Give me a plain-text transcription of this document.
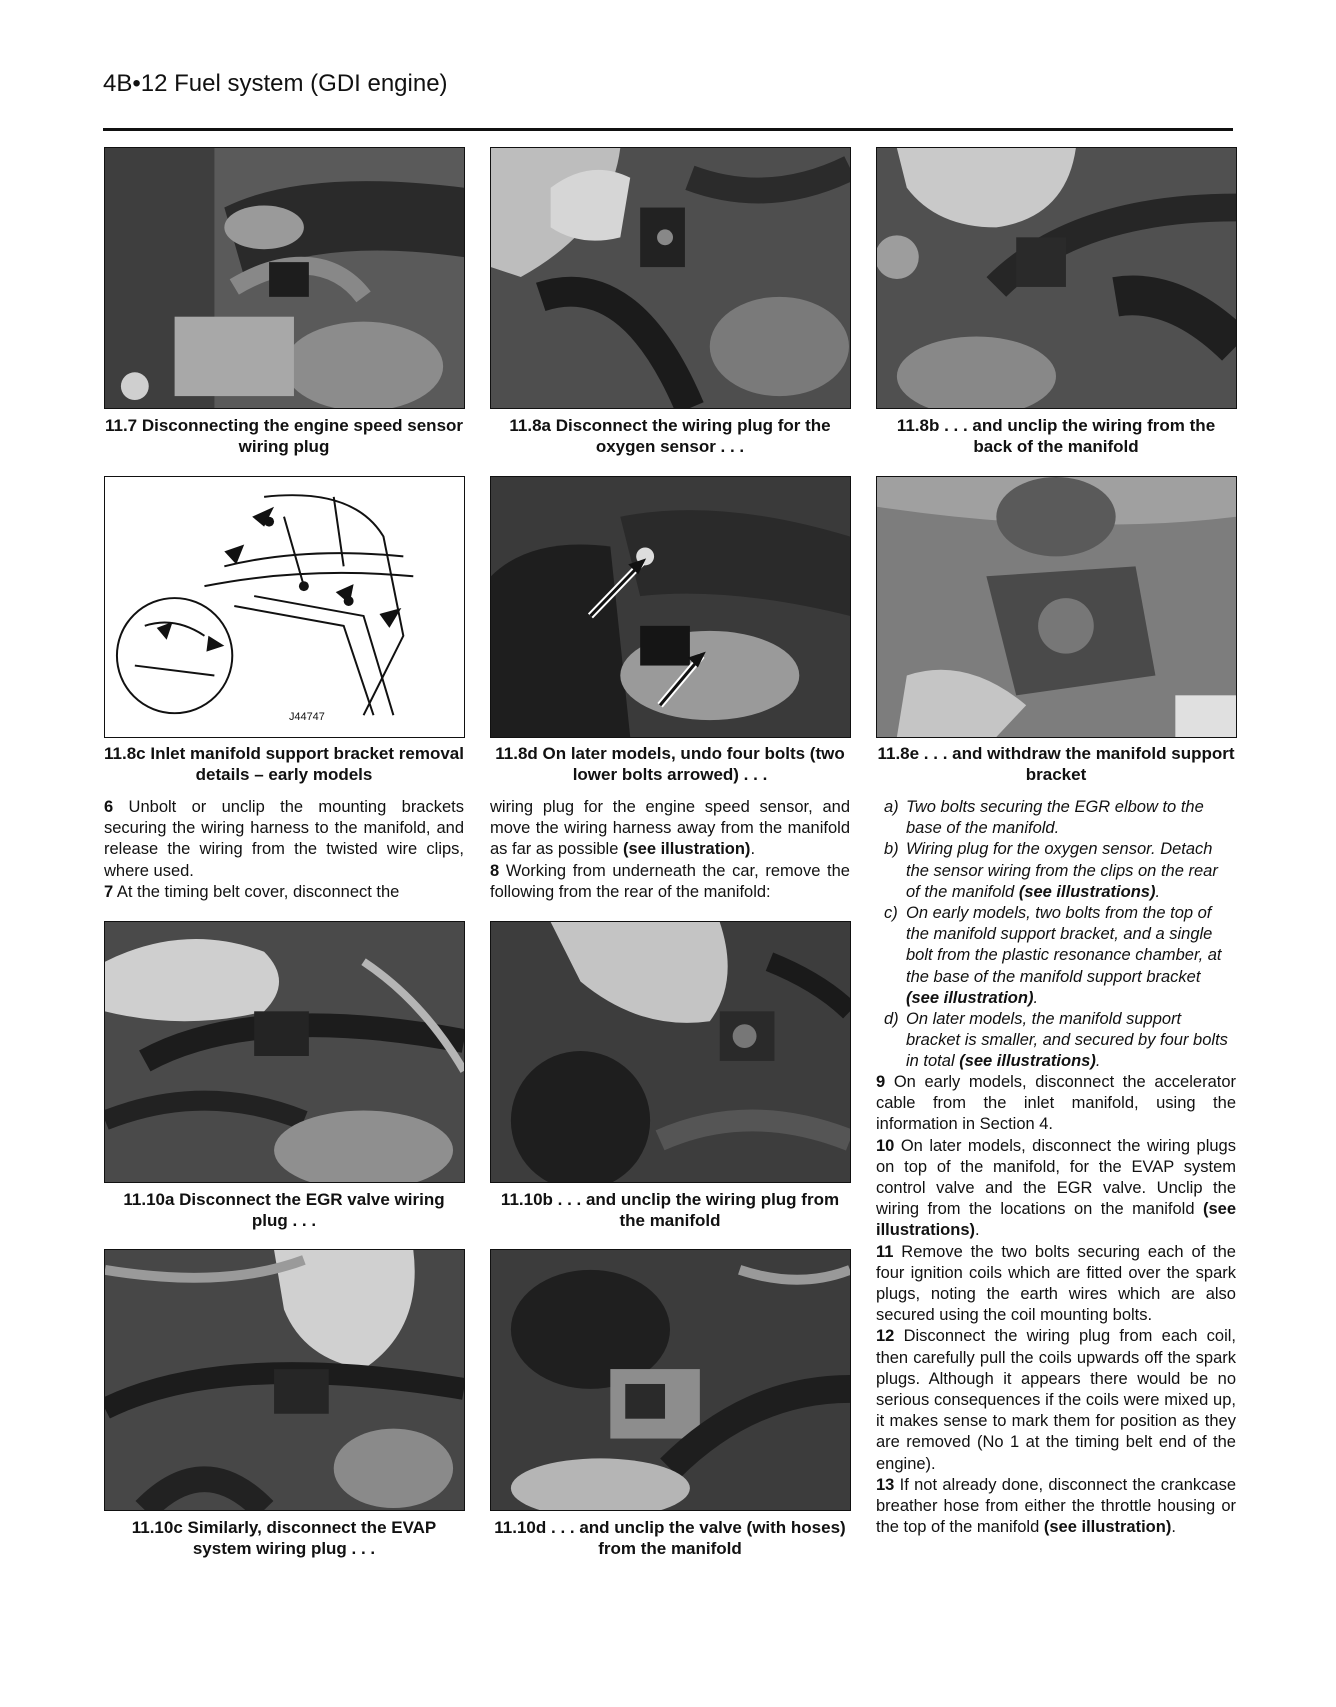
4B•12 Fuel system (GDI engine)
11.7 Disconnecting the engine speed sensor wiring plug
11.8a Disconnect the wiring plug for the oxygen sensor . . .
11.8b . . . and unclip the wiring from the back of the manifold
J44747
11.8c Inlet manifold support bracket removal details – early models
11.8d On later models, undo four bolts (two lower bolts arrowed) . . .
11.8e . . . and withdraw the manifold support bracket

6 Unbolt or unclip the mounting brackets securing the wiring harness to the manifold, and release the wiring from the twisted wire clips, where used.

7 At the timing belt cover, disconnect the

wiring plug for the engine speed sensor, and move the wiring harness away from the manifold as far as possible (see illustration).

8 Working from underneath the car, remove the following from the rear of the manifold:

a) Two bolts securing the EGR elbow to the base of the manifold.
b) Wiring plug for the oxygen sensor. Detach the sensor wiring from the clips on the rear of the manifold (see illustrations).
c) On early models, two bolts from the top of the manifold support bracket, and a single bolt from the plastic resonance chamber, at the base of the manifold support bracket (see illustration).
d) On later models, the manifold support bracket is smaller, and secured by four bolts in total (see illustrations).

9 On early models, disconnect the accelerator cable from the inlet manifold, using the information in Section 4.

10 On later models, disconnect the wiring plugs on top of the manifold, for the EVAP system control valve and the EGR valve. Unclip the wiring from the locations on the manifold (see illustrations).

11 Remove the two bolts securing each of the four ignition coils which are fitted over the spark plugs, noting the earth wires which are also secured using the coil mounting bolts.

12 Disconnect the wiring plug from each coil, then carefully pull the coils upwards off the spark plugs. Although it appears there would be no serious consequences if the coils were mixed up, it makes sense to mark them for position as they are removed (No 1 at the timing belt end of the engine).

13 If not already done, disconnect the crankcase breather hose from either the throttle housing or the top of the manifold (see illustration).

11.10a Disconnect the EGR valve wiring plug . . .
11.10b . . . and unclip the wiring plug from the manifold
11.10c Similarly, disconnect the EVAP system wiring plug . . .
11.10d . . . and unclip the valve (with hoses) from the manifold
